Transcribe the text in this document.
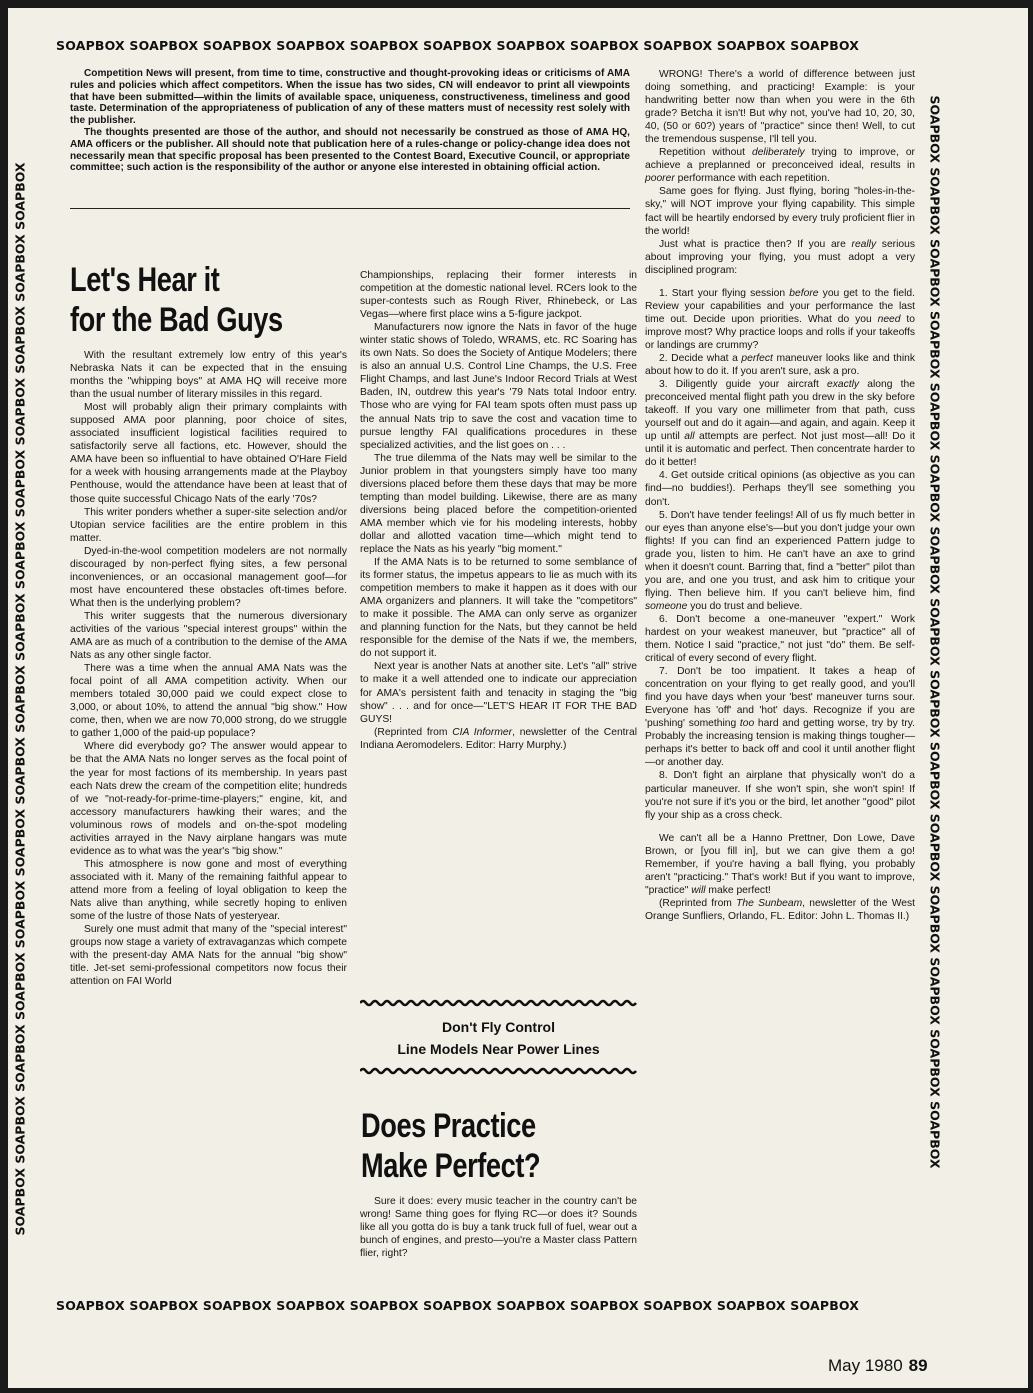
SOAPBOX SOAPBOX SOAPBOX SOAPBOX SOAPBOX SOAPBOX SOAPBOX SOAPBOX SOAPBOX SOAPBOX SOAPBOX
SOAPBOX SOAPBOX SOAPBOX SOAPBOX SOAPBOX SOAPBOX SOAPBOX SOAPBOX SOAPBOX SOAPBOX SOAPBOX SOAPBOX SOAPBOX SOAPBOX SOAPBOX	SOAPBOX SOAPBOX SOAPBOX SOAPBOX SOAPBOX SOAPBOX SOAPBOX SOAPBOX SOAPBOX SOAPBOX SOAPBOX SOAPBOX SOAPBOX SOAPBOX SOAPBOX

Competition News will present, from time to time, constructive and thought-provoking ideas or criticisms of AMA rules and policies which affect competitors. When the issue has two sides, CN will endeavor to print all viewpoints that have been submitted—within the limits of available space, uniqueness, constructiveness, timeliness and good taste. Determination of the appropriateness of publication of any of these matters must of necessity rest solely with the publisher.

The thoughts presented are those of the author, and should not necessarily be construed as those of AMA HQ, AMA officers or the publisher. All should note that publication here of a rules-change or policy-change idea does not necessarily mean that specific proposal has been presented to the Contest Board, Executive Council, or appropriate committee; such action is the responsibility of the author or anyone else interested in obtaining official action.

Let's Hear it
for the Bad Guys

With the resultant extremely low entry of this year's Nebraska Nats it can be expected that in the ensuing months the "whipping boys" at AMA HQ will receive more than the usual number of literary missiles in this regard.

Most will probably align their primary complaints with supposed AMA poor planning, poor choice of sites, associated insufficient logistical facilities required to satisfactorily serve all factions, etc. However, should the AMA have been so influential to have obtained O'Hare Field for a week with housing arrangements made at the Playboy Penthouse, would the attendance have been at least that of those quite successful Chicago Nats of the early '70s?

This writer ponders whether a super-site selection and/or Utopian service facilities are the entire problem in this matter.

Dyed-in-the-wool competition modelers are not normally discouraged by non-perfect flying sites, a few personal inconveniences, or an occasional management goof—for most have encountered these obstacles oft-times before. What then is the underlying problem?

This writer suggests that the numerous diversionary activities of the various "special interest groups" within the AMA are as much of a contribution to the demise of the AMA Nats as any other single factor.

There was a time when the annual AMA Nats was the focal point of all AMA competition activity. When our members totaled 30,000 paid we could expect close to 3,000, or about 10%, to attend the annual "big show." How come, then, when we are now 70,000 strong, do we struggle to gather 1,000 of the paid-up populace?

Where did everybody go? The answer would appear to be that the AMA Nats no longer serves as the focal point of the year for most factions of its membership. In years past each Nats drew the cream of the competition elite; hundreds of we "not-ready-for-prime-time-players;" engine, kit, and accessory manufacturers hawking their wares; and the voluminous rows of models and on-the-spot modeling activities arrayed in the Navy airplane hangars was mute evidence as to what was the year's "big show."

This atmosphere is now gone and most of everything associated with it. Many of the remaining faithful appear to attend more from a feeling of loyal obligation to keep the Nats alive than anything, while secretly hoping to enliven some of the lustre of those Nats of yesteryear.

Surely one must admit that many of the "special interest" groups now stage a variety of extravaganzas which compete with the present-day AMA Nats for the annual "big show" title. Jet-set semi-professional competitors now focus their attention on FAI World

Championships, replacing their former interests in competition at the domestic national level. RCers look to the super-contests such as Rough River, Rhinebeck, or Las Vegas—where first place wins a 5-figure jackpot.

Manufacturers now ignore the Nats in favor of the huge winter static shows of Toledo, WRAMS, etc. RC Soaring has its own Nats. So does the Society of Antique Modelers; there is also an annual U.S. Control Line Champs, the U.S. Free Flight Champs, and last June's Indoor Record Trials at West Baden, IN, outdrew this year's '79 Nats total Indoor entry. Those who are vying for FAI team spots often must pass up the annual Nats trip to save the cost and vacation time to pursue lengthy FAI qualifications procedures in these specialized activities, and the list goes on . . .

The true dilemma of the Nats may well be similar to the Junior problem in that youngsters simply have too many diversions placed before them these days that may be more tempting than model building. Likewise, there are as many diversions being placed before the competition-oriented AMA member which vie for his modeling interests, hobby dollar and allotted vacation time—which might tend to replace the Nats as his yearly "big moment."

If the AMA Nats is to be returned to some semblance of its former status, the impetus appears to lie as much with its competition members to make it happen as it does with our AMA organizers and planners. It will take the "competitors" to make it possible. The AMA can only serve as organizer and planning function for the Nats, but they cannot be held responsible for the demise of the Nats if we, the members, do not support it.

Next year is another Nats at another site. Let's "all" strive to make it a well attended one to indicate our appreciation for AMA's persistent faith and tenacity in staging the "big show" . . . and for once—"LET'S HEAR IT FOR THE BAD GUYS!

(Reprinted from CIA Informer, newsletter of the Central Indiana Aeromodelers. Editor: Harry Murphy.)

Don't Fly Control
Line Models Near Power Lines
Does Practice
Make Perfect?

Sure it does: every music teacher in the country can't be wrong! Same thing goes for flying RC—or does it? Sounds like all you gotta do is buy a tank truck full of fuel, wear out a bunch of engines, and presto—you're a Master class Pattern flier, right?

WRONG! There's a world of difference between just doing something, and practicing! Example: is your handwriting better now than when you were in the 6th grade? Betcha it isn't! But why not, you've had 10, 20, 30, 40, (50 or 60?) years of "practice" since then! Well, to cut the tremendous suspense, I'll tell you.

Repetition without deliberately trying to improve, or achieve a preplanned or preconceived ideal, results in poorer performance with each repetition.

Same goes for flying. Just flying, boring "holes-in-the-sky," will NOT improve your flying capability. This simple fact will be heartily endorsed by every truly proficient flier in the world!

Just what is practice then? If you are really serious about improving your flying, you must adopt a very disciplined program:

1. Start your flying session before you get to the field. Review your capabilities and your performance the last time out. Decide upon priorities. What do you need to improve most? Why practice loops and rolls if your takeoffs or landings are crummy?

2. Decide what a perfect maneuver looks like and think about how to do it. If you aren't sure, ask a pro.

3. Diligently guide your aircraft exactly along the preconceived mental flight path you drew in the sky before takeoff. If you vary one millimeter from that path, cuss yourself out and do it again—and again, and again. Keep it up until all attempts are perfect. Not just most—all! Do it until it is automatic and perfect. Then concentrate harder to do it better!

4. Get outside critical opinions (as objective as you can find—no buddies!). Perhaps they'll see something you don't.

5. Don't have tender feelings! All of us fly much better in our eyes than anyone else's—but you don't judge your own flights! If you can find an experienced Pattern judge to grade you, listen to him. He can't have an axe to grind when it doesn't count. Barring that, find a "better" pilot than you are, and one you trust, and ask him to critique your flying. Then believe him. If you can't believe him, find someone you do trust and believe.

6. Don't become a one-maneuver "expert." Work hardest on your weakest maneuver, but "practice" all of them. Notice I said "practice," not just "do" them. Be self-critical of every second of every flight.

7. Don't be too impatient. It takes a heap of concentration on your flying to get really good, and you'll find you have days when your 'best' maneuver turns sour. Everyone has 'off' and 'hot' days. Recognize if you are 'pushing' something too hard and getting worse, try by try. Probably the increasing tension is making things tougher—perhaps it's better to back off and cool it until another flight—or another day.

8. Don't fight an airplane that physically won't do a particular maneuver. If she won't spin, she won't spin! If you're not sure if it's you or the bird, let another "good" pilot fly your ship as a cross check.

We can't all be a Hanno Prettner, Don Lowe, Dave Brown, or [you fill in], but we can give them a go! Remember, if you're having a ball flying, you probably aren't "practicing." That's work! But if you want to improve, "practice" will make perfect!

(Reprinted from The Sunbeam, newsletter of the West Orange Sunfliers, Orlando, FL. Editor: John L. Thomas II.)

SOAPBOX SOAPBOX SOAPBOX SOAPBOX SOAPBOX SOAPBOX SOAPBOX SOAPBOX SOAPBOX SOAPBOX SOAPBOX
May 1980 89
